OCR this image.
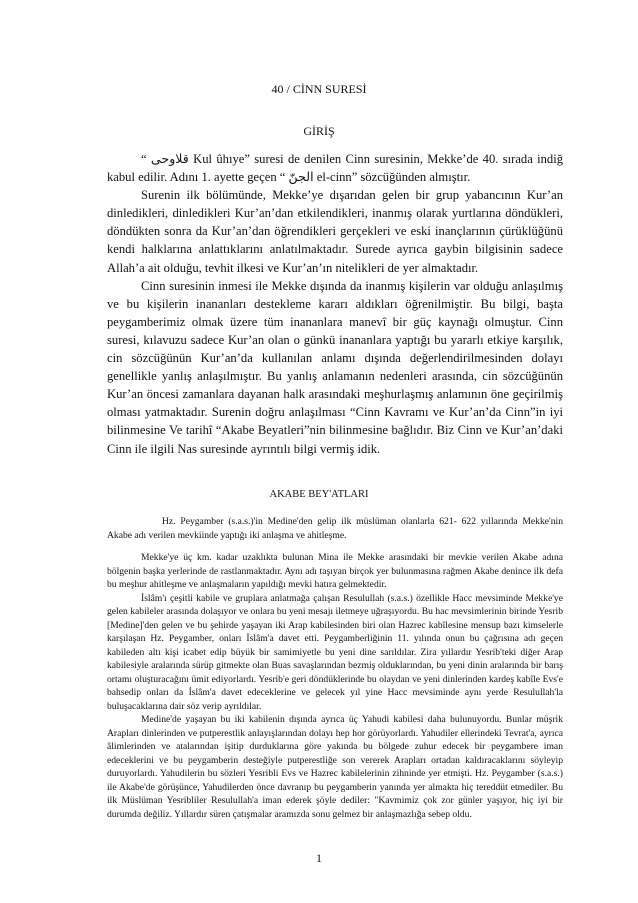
40 / CİNN SURESİ
GİRİŞ

“ قلاوحى Kul ûhıye” suresi de denilen Cinn suresinin, Mekke’de 40. sırada indiğ kabul edilir. Adını 1. ayette geçen “ الجنّ el-cinn” sözcüğünden almıştır.

Surenin ilk bölümünde, Mekke’ye dışarıdan gelen bir grup yabancının Kur’an dinledikleri, dinledikleri Kur’an’dan etkilendikleri, inanmış olarak yurtlarına döndükleri, döndükten sonra da Kur’an’dan öğrendikleri gerçekleri ve eski inançlarının çürüklüğünü kendi halklarına anlattıklarını anlatılmaktadır. Surede ayrıca gaybin bilgisinin sadece Allah’a ait olduğu, tevhit ilkesi ve Kur’an’ın nitelikleri de yer almaktadır.

Cinn suresinin inmesi ile Mekke dışında da inanmış kişilerin var olduğu anlaşılmış ve bu kişilerin inananları destekleme kararı aldıkları öğrenilmiştir. Bu bilgi, başta peygamberimiz olmak üzere tüm inananlara manevî bir güç kaynağı olmuştur. Cinn suresi, kılavuzu sadece Kur’an olan o günkü inananlara yaptığı bu yararlı etkiye karşılık, cin sözcüğünün Kur’an’da kullanılan anlamı dışında değerlendirilmesinden dolayı genellikle yanlış anlaşılmıştır. Bu yanlış anlamanın nedenleri arasında, cin sözcüğünün Kur’an öncesi zamanlara dayanan halk arasındaki meşhurlaşmış anlamının öne geçirilmiş olması yatmaktadır. Surenin doğru anlaşılması “Cinn Kavramı ve Kur’an’da Cinn”in iyi bilinmesine Ve tarihî “Akabe Beyatleri”nin bilinmesine bağlıdır. Biz Cinn ve Kur’an’daki Cinn ile ilgili Nas suresinde ayrıntılı bilgi vermiş idik.

AKABE BEY'ATLARI

Hz. Peygamber (s.a.s.)'in Medine'den gelip ilk müslüman olanlarla 621- 622 yıllarında Mekke'nin Akabe adı verilen mevkiinde yaptığı iki anlaşma ve ahitleşme.

Mekke'ye üç km. kadar uzaklıkta bulunan Mina ile Mekke arasındaki bir mevkie verilen Akabe adına bölgenin başka yerlerinde de rastlanmaktadır. Aynı adı taşıyan birçok yer bulunmasına rağmen Akabe denince ilk defa bu meşhur ahitleşme ve anlaşmaların yapıldığı mevki hatıra gelmektedir.

İslâm'ı çeşitli kabile ve gruplara anlatmağa çalışan Resulullah (s.a.s.) özellikle Hacc mevsiminde Mekke'ye gelen kabileler arasında dolaşıyor ve onlara bu yeni mesajı iletmeye uğraşıyordu. Bu hac mevsimlerinin birinde Yesrib [Medine]'den gelen ve bu şehirde yaşayan iki Arap kabilesinden biri olan Hazrec kabîlesine mensup bazı kimselerle karşılaşan Hz. Peygamber, onları İslâm'a davet etti. Peygamberliğinin 11. yılında onun bu çağrısına adı geçen kabileden altı kişi icabet edip büyük bir samimiyetle bu yeni dine sarıldılar. Zira yıllardır Yesrib'teki diğer Arap kabilesiyle aralarında sürüp gitmekte olan Buas savaşlarından bezmiş olduklarından, bu yeni dinin aralarında bir barış ortamı oluşturacağını ümit ediyorlardı. Yesrib'e geri döndüklerinde bu olaydan ve yeni dinlerinden kardeş kabîle Evs'e bahsedip onları da İslâm'a davet edeceklerine ve gelecek yıl yine Hacc mevsiminde aynı yerde Resulullah'la buluşacaklarına dair söz verip ayrıldılar.

Medine'de yaşayan bu iki kabilenin dışında ayrıca üç Yahudi kabilesi daha bulunuyordu. Bunlar müşrik Arapları dinlerinden ve putperestlik anlayışlarından dolayı hep hor görüyorlardı. Yahudiler ellerindeki Tevrat'a, ayrıca âlimlerinden ve atalarından işitip durduklarına göre yakında bu bölgede zuhur edecek bir peygambere iman edeceklerini ve bu peygamberin desteğiyle putperestliğe son vererek Arapları ortadan kaldıracaklarını söyleyip duruyorlardı. Yahudilerin bu sözleri Yesribli Evs ve Hazrec kabilelerinin zihninde yer etmişti. Hz. Peygamber (s.a.s.) ile Akabe'de görüşünce, Yahudilerden önce davranıp bu peygamberin yanında yer almakta hiç tereddüt etmediler. Bu ilk Müslüman Yesribliler Resulullah'a iman ederek şöyle dediler: "Kavmimiz çok zor günler yaşıyor, hiç iyi bir durumda değiliz. Yıllardır süren çatışmalar aramızda sonu gelmez bir anlaşmazlığa sebep oldu.

1
